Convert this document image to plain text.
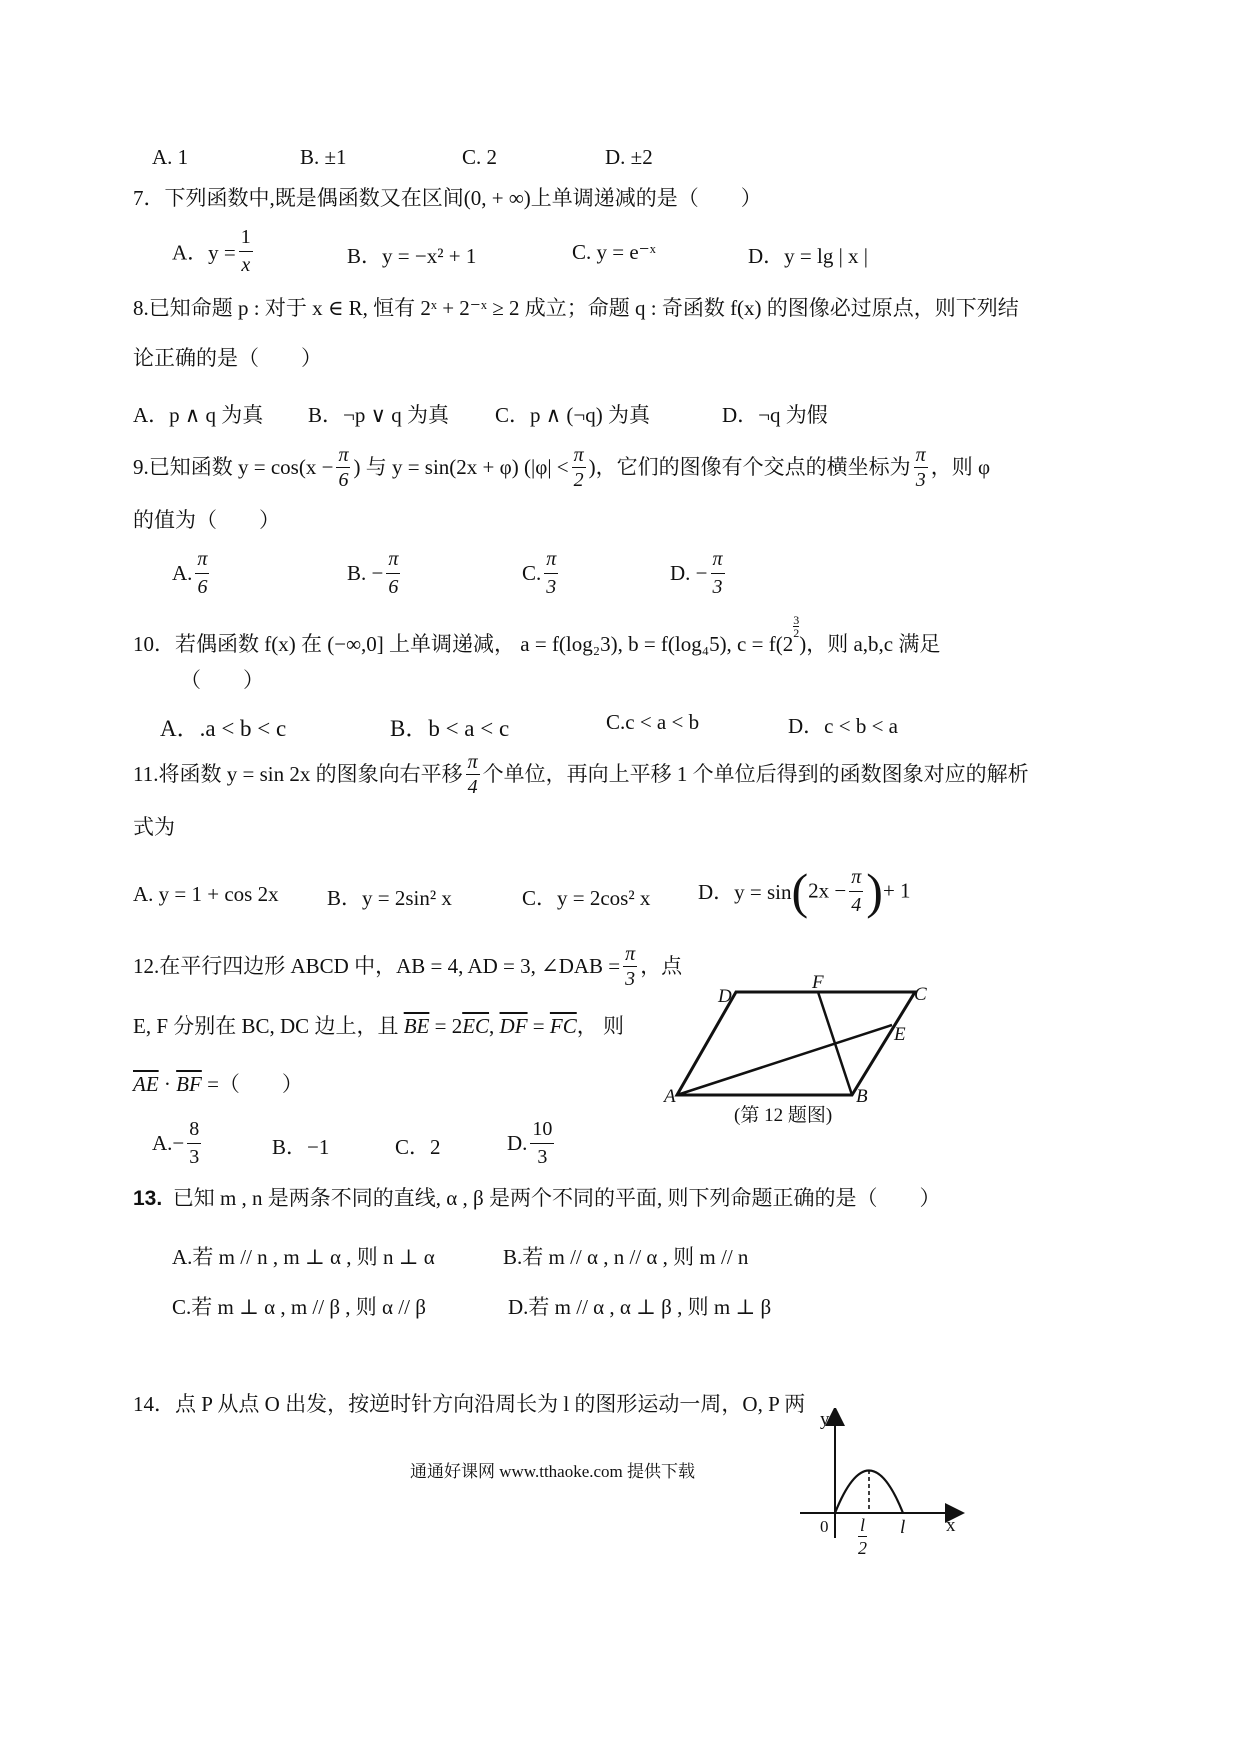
A. 1	B. ±1	C. 2	D. ±2
7．下列函数中,既是偶函数又在区间(0, + ∞)上单调递减的是（　　）
A．$y = \frac{1}{x}$	B．y = −x² + 1	C. y = e⁻ˣ	D．y = lg | x |
8.已知命题 p : 对于 x ∈ R, 恒有 2ˣ + 2⁻ˣ ≥ 2 成立；命题 q : 奇函数 f(x) 的图像必过原点，则下列结
论正确的是（　　）
A．p ∧ q 为真 B．¬p ∨ q 为真 C．p ∧ (¬q) 为真	D．¬q 为假
9.已知函数 $y = \cos(x - \frac{\pi}{6}$ ) 与 y = sin(2x + φ) ($|\varphi| < \frac{\pi}{2}$ )，它们的图像有个交点的横坐标为 $\frac{\pi}{3}$ ，则 φ
的值为（　　）
A. $\frac{\pi}{6}$	B. − $\frac{\pi}{6}$	C. $\frac{\pi}{3}$	D. − $\frac{\pi}{3}$
10．若偶函数 f(x) 在 (−∞,0] 上单调递减， a = f(log₂3), b = f(log₄5), c = f(2
$\frac{3}{2}$
)，则 a,b,c 满足
（　　）
A．.a < b < c	B．b < a < c	C.c < a < b	D．c < b < a
11.将函数 y = sin 2x 的图象向右平移 $\frac{\pi}{4}$ 个单位，再向上平移 1 个单位后得到的函数图象对应的解析
式为
A. y = 1 + cos 2x B．y = 2sin² x	C．y = 2cos² x D．$y = \sin(2x - \frac{\pi}{4}$ )+ 1
12.在平行四边形 ABCD 中，AB = 4, AD = 3, ∠DAB = $\frac{\pi}{3}$ ，点
E, F 分别在 BC, DC 边上，且 $\overline{BE} = 2\overline{EC}$, $\overline{DF} = \overline{FC}$， 则
$\overline{AE} \cdot \overline{BF}$ =（　　）
$A.- \frac{8}{3}$	B．−1	C．2	D. $\frac{10}{3}$
A	B
C
D
E
F
(第 12 题图)
13. 已知 m , n 是两条不同的直线, α , β 是两个不同的平面, 则下列命题正确的是（　　）
A.若 m // n , m ⊥ α , 则 n ⊥ α	B.若 m // α , n // α , 则 m // n
C.若 m ⊥ α , m // β , 则 α // β	D.若 m // α , α ⊥ β , 则 m ⊥ β
14．点 P 从点 O 出发，按逆时针方向沿周长为 l 的图形运动一周，O, P 两
y
x
0	l
$\frac{l}{2}$
通通好课网 www.tthaoke.com 提供下载
